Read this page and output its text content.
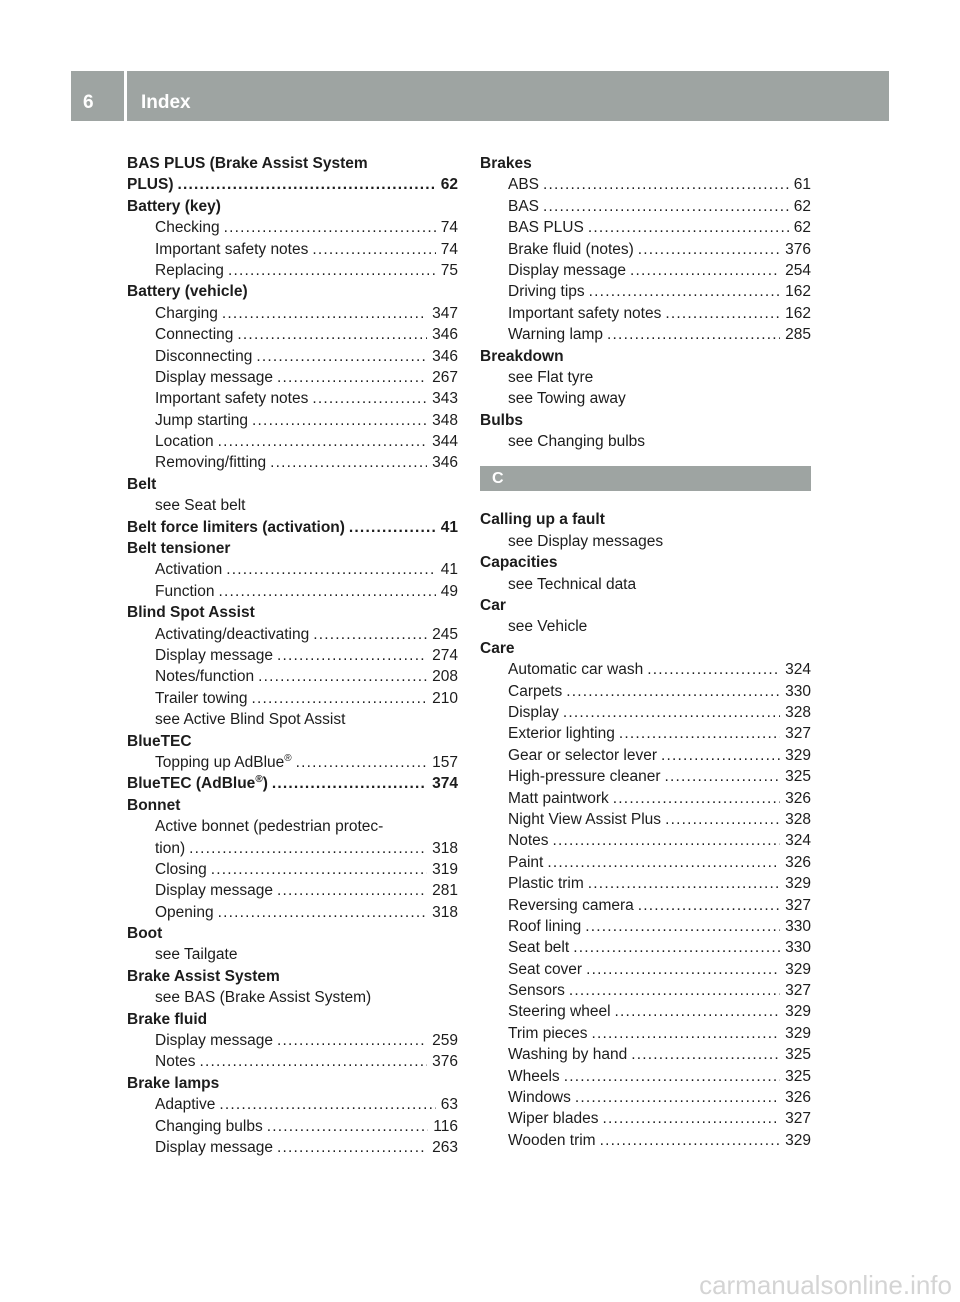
6	Index
BAS PLUS (Brake Assist System
PLUS) .....	62
Battery (key)
Checking .....	74
Important safety notes .....	74
Replacing .....	75
Battery (vehicle)
Charging .....	347
Connecting .....	346
Disconnecting .....	346
Display message .....	267
Important safety notes .....	343
Jump starting .....	348
Location .....	344
Removing/fitting .....	346
Belt
see Seat belt
Belt force limiters (activation) .....	41
Belt tensioner
Activation .....	41
Function .....	49
Blind Spot Assist
Activating/deactivating .....	245
Display message .....	274
Notes/function .....	208
Trailer towing .....	210
see Active Blind Spot Assist
BlueTEC
Topping up AdBlue® .....	157
BlueTEC (AdBlue®) .....	374
Bonnet
Active bonnet (pedestrian protec-
tion) .....	318
Closing .....	319
Display message .....	281
Opening .....	318
Boot
see Tailgate
Brake Assist System
see BAS (Brake Assist System)
Brake fluid
Display message .....	259
Notes .....	376
Brake lamps
Adaptive .....	63
Changing bulbs .....	116
Display message .....	263
Brakes
ABS .....	61
BAS .....	62
BAS PLUS .....	62
Brake fluid (notes) .....	376
Display message .....	254
Driving tips .....	162
Important safety notes .....	162
Warning lamp .....	285
Breakdown
see Flat tyre
see Towing away
Bulbs
see Changing bulbs
C
Calling up a fault
see Display messages
Capacities
see Technical data
Car
see Vehicle
Care
Automatic car wash .....	324
Carpets .....	330
Display .....	328
Exterior lighting .....	327
Gear or selector lever .....	329
High-pressure cleaner .....	325
Matt paintwork .....	326
Night View Assist Plus .....	328
Notes .....	324
Paint .....	326
Plastic trim .....	329
Reversing camera .....	327
Roof lining .....	330
Seat belt .....	330
Seat cover .....	329
Sensors .....	327
Steering wheel .....	329
Trim pieces .....	329
Washing by hand .....	325
Wheels .....	325
Windows .....	326
Wiper blades .....	327
Wooden trim .....	329
carmanualsonline.info
